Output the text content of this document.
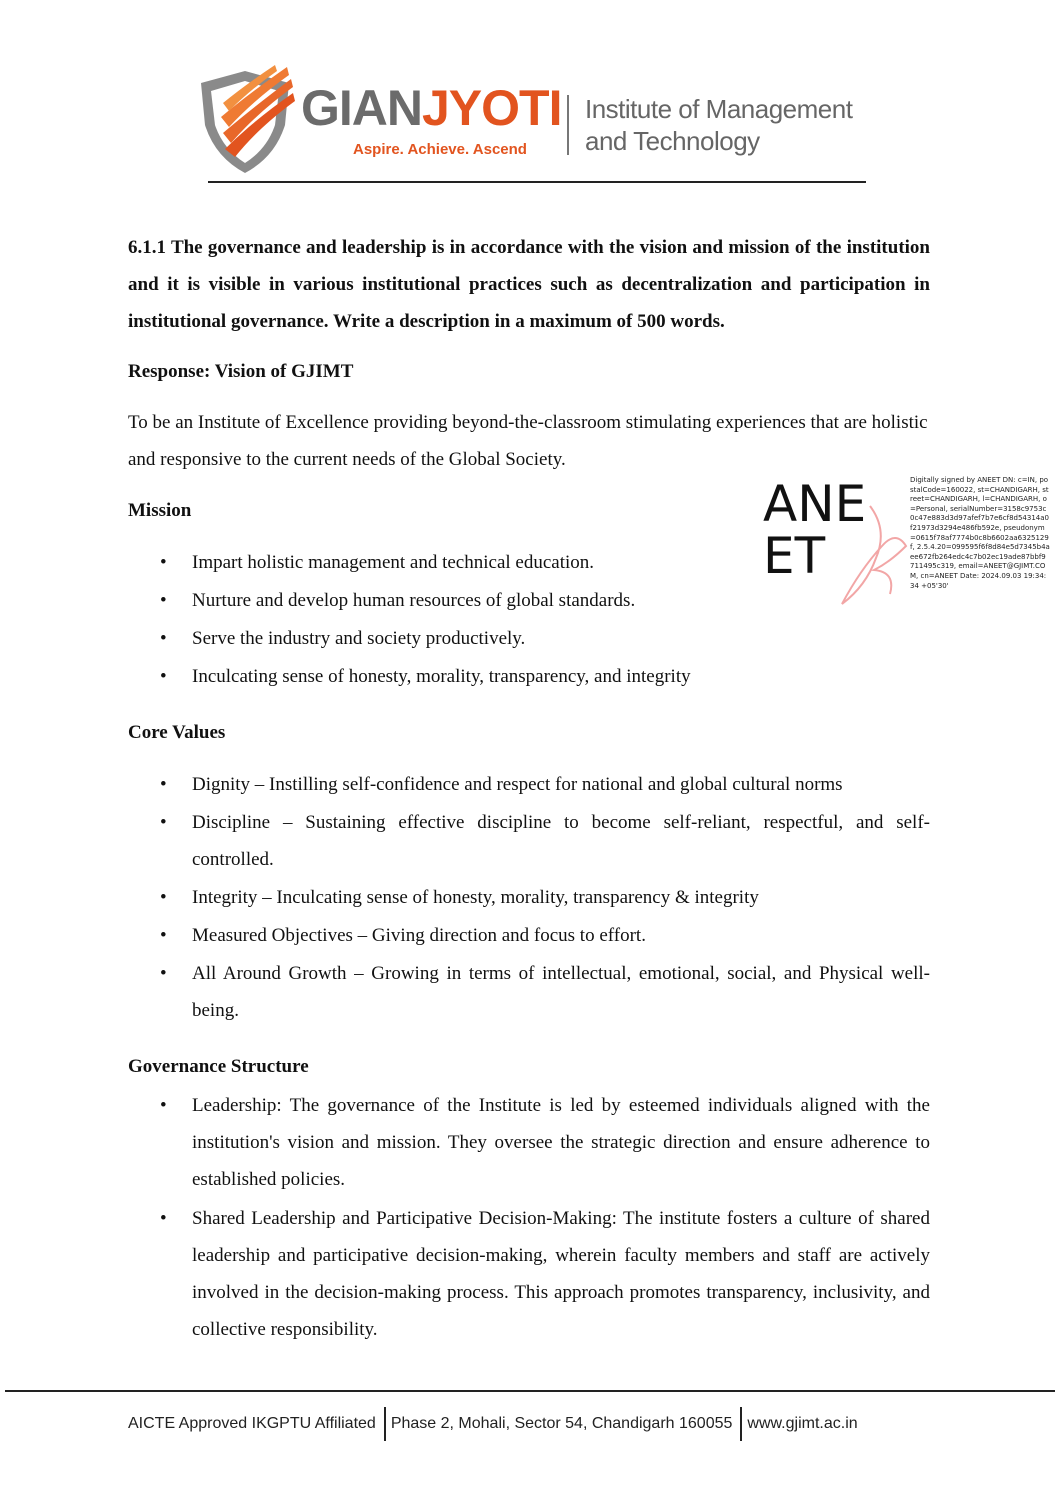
GIANJYOTI
Aspire. Achieve. Ascend
Institute of Management
and Technology

6.1.1 The governance and leadership is in accordance with the vision and mission of the institution and it is visible in various institutional practices such as decentralization and participation in institutional governance. Write a description in a maximum of 500 words.

Response: Vision of GJIMT

To be an Institute of Excellence providing beyond-the-classroom stimulating experiences that are holistic and responsive to the current needs of the Global Society.

Mission

• Impart holistic management and technical education.
• Nurture and develop human resources of global standards.
• Serve the industry and society productively.
• Inculcating sense of honesty, morality, transparency, and integrity

Core Values

• Dignity – Instilling self-confidence and respect for national and global cultural norms
• Discipline – Sustaining effective discipline to become self-reliant, respectful, and self-controlled.
• Integrity – Inculcating sense of honesty, morality, transparency & integrity
• Measured Objectives – Giving direction and focus to effort.
• All Around Growth – Growing in terms of intellectual, emotional, social, and Physical well-being.

Governance Structure

• Leadership: The governance of the Institute is led by esteemed individuals aligned with the institution's vision and mission. They oversee the strategic direction and ensure adherence to established policies.
• Shared Leadership and Participative Decision-Making: The institute fosters a culture of shared leadership and participative decision-making, wherein faculty members and staff are actively involved in the decision-making process. This approach promotes transparency, inclusivity, and collective responsibility.
ANEET
Digitally signed by ANEET DN: c=IN, postalCode=160022, st=CHANDIGARH, street=CHANDIGARH, l=CHANDIGARH, o=Personal, serialNumber=3158c9753c0c47e883d3d97afef7b7e6cf8d54314a0f21973d3294e486fb592e, pseudonym=0615f78af7774b0c8b6602aa6325129f, 2.5.4.20=099595f6f8d84e5d7345b4aee672fb264edc4c7b02ec19ade87bbf9711495c319, email=ANEET@GJIMT.COM, cn=ANEET Date: 2024.09.03 19:34:34 +05'30'
AICTE Approved IKGPTU Affiliated Phase 2, Mohali, Sector 54, Chandigarh 160055 www.gjimt.ac.in
